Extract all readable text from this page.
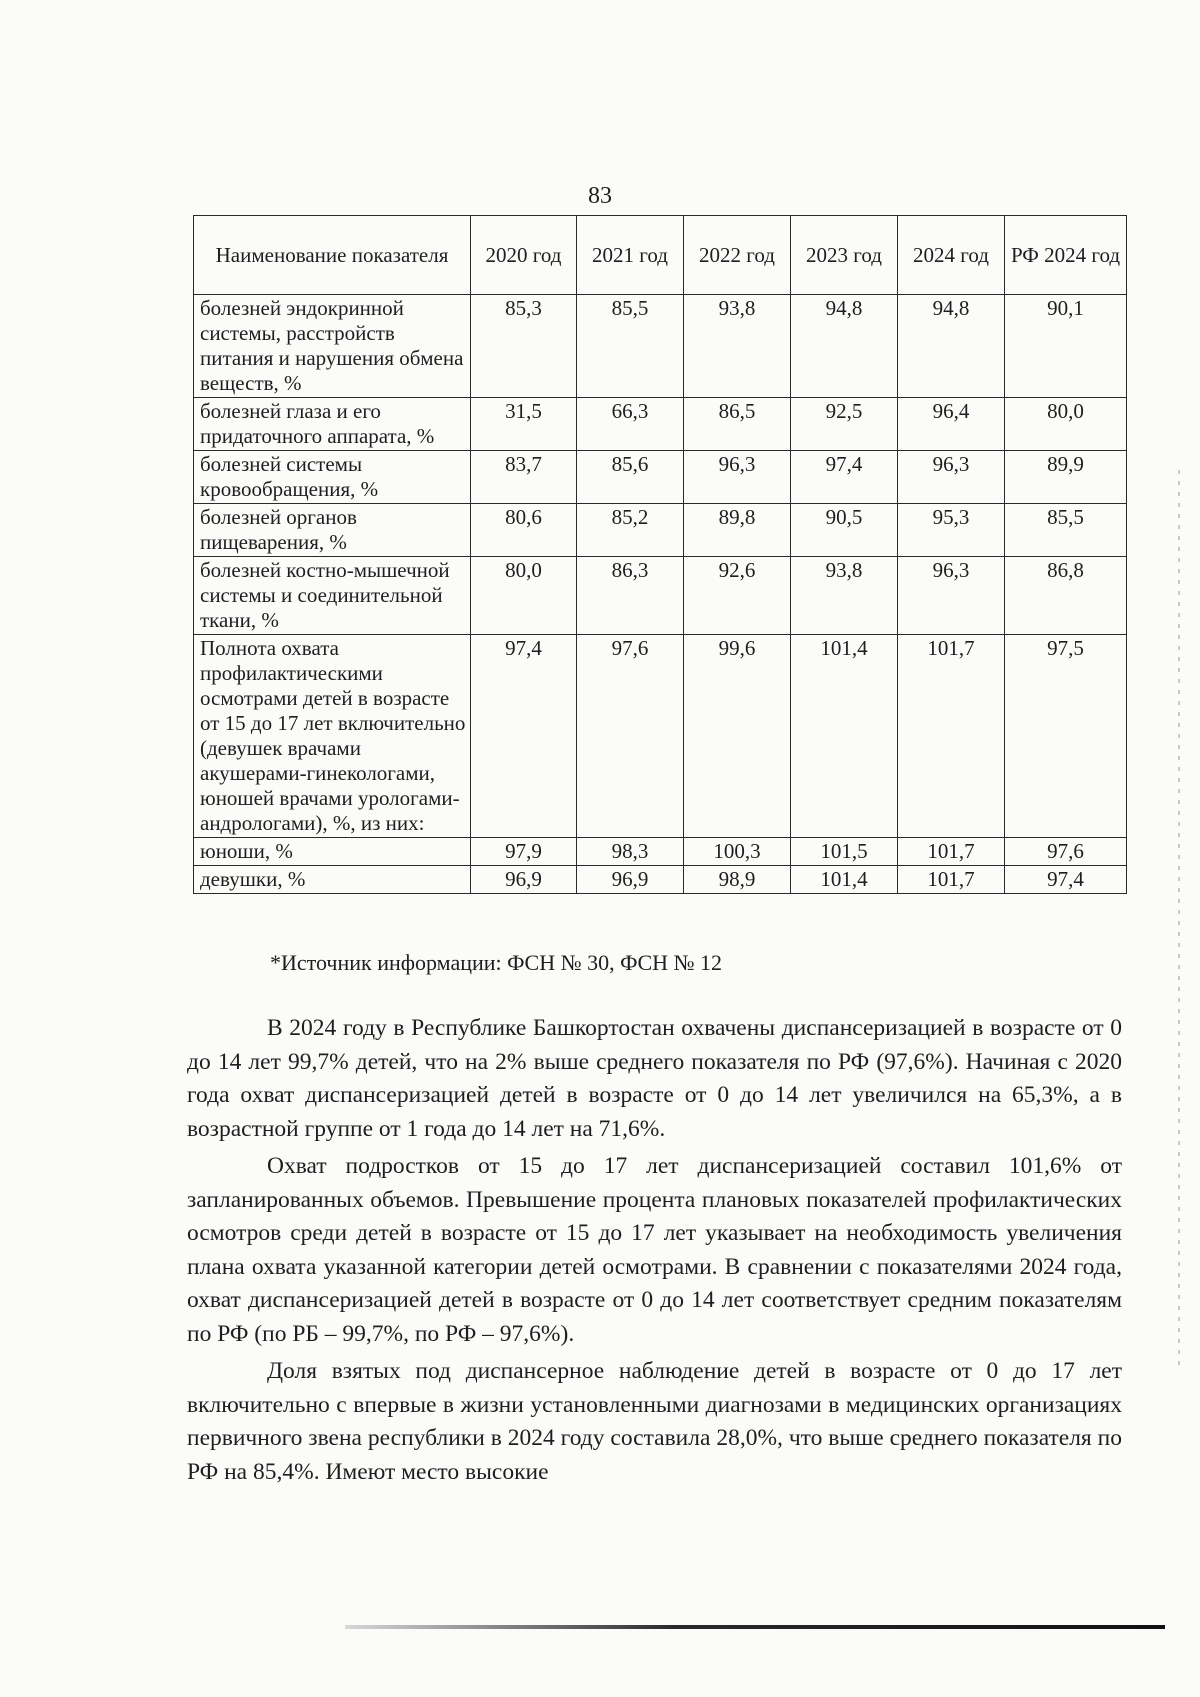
83
Наименование показателя	2020 год	2021 год	2022 год	2023 год	2024 год	РФ 2024 год
болезней эндокринной системы, расстройств питания и нарушения обмена веществ, %	85,3	85,5	93,8	94,8	94,8	90,1
болезней глаза и его придаточного аппарата, %	31,5	66,3	86,5	92,5	96,4	80,0
болезней системы кровообращения, %	83,7	85,6	96,3	97,4	96,3	89,9
болезней органов пищеварения, %	80,6	85,2	89,8	90,5	95,3	85,5
болезней костно-мышечной системы и соединительной ткани, %	80,0	86,3	92,6	93,8	96,3	86,8
Полнота охвата профилактическими осмотрами детей в возрасте от 15 до 17 лет включительно (девушек врачами акушерами-гинекологами, юношей врачами урологами-андрологами), %, из них:	97,4	97,6	99,6	101,4	101,7	97,5
юноши, %	97,9	98,3	100,3	101,5	101,7	97,6
девушки, %	96,9	96,9	98,9	101,4	101,7	97,4
*Источник информации: ФСН № 30, ФСН № 12

В 2024 году в Республике Башкортостан охвачены диспансеризацией в возрасте от 0 до 14 лет 99,7% детей, что на 2% выше среднего показателя по РФ (97,6%). Начиная с 2020 года охват диспансеризацией детей в возрасте от 0 до 14 лет увеличился на 65,3%, а в возрастной группе от 1 года до 14 лет на 71,6%.

Охват подростков от 15 до 17 лет диспансеризацией составил 101,6% от запланированных объемов. Превышение процента плановых показателей профилактических осмотров среди детей в возрасте от 15 до 17 лет указывает на необходимость увеличения плана охвата указанной категории детей осмотрами. В сравнении с показателями 2024 года, охват диспансеризацией детей в возрасте от 0 до 14 лет соответствует средним показателям по РФ (по РБ – 99,7%, по РФ – 97,6%).

Доля взятых под диспансерное наблюдение детей в возрасте от 0 до 17 лет включительно с впервые в жизни установленными диагнозами в медицинских организациях первичного звена республики в 2024 году составила 28,0%, что выше среднего показателя по РФ на 85,4%. Имеют место высокие
